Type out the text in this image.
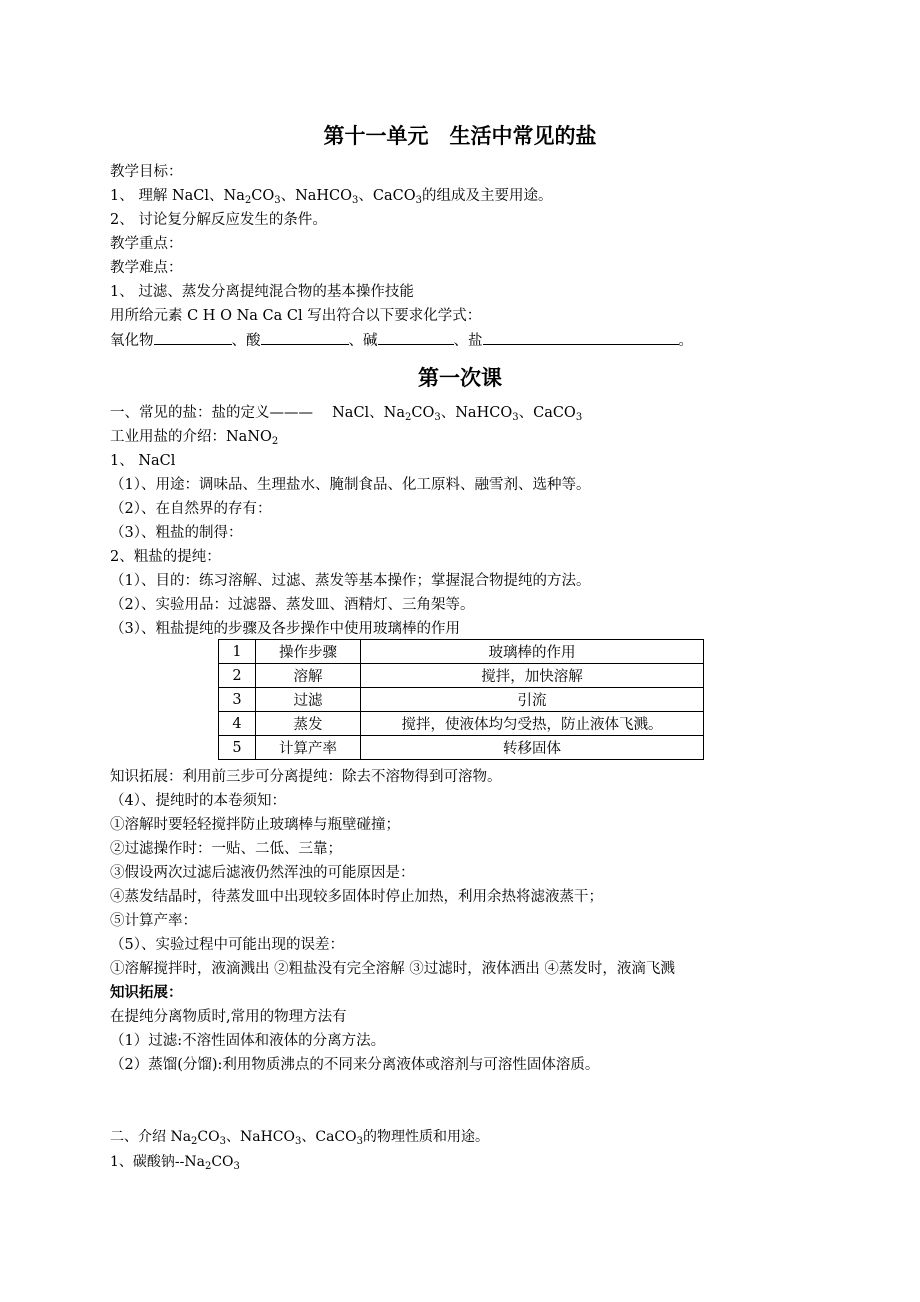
第十一单元　生活中常见的盐
教学目标：
1、 理解 NaCl、$Na_2CO_3$、NaHCO$_3$、CaCO$_3$的组成及主要用途。
2、 讨论复分解反应发生的条件。
教学重点：
教学难点：
1、 过滤、蒸发分离提纯混合物的基本操作技能
用所给元素 C H O Na Ca Cl 写出符合以下要求化学式：
氧化物	、酸	、碱	、盐	。
第一次课
一、常见的盐：盐的定义———　 NaCl、$Na_2CO_3$、NaHCO$_3$、CaCO$_3$
工业用盐的介绍：NaNO$_2$
1、 NaCl
（1）、用途：调味品、生理盐水、腌制食品、化工原料、融雪剂、选种等。
（2）、在自然界的存有：
（3）、粗盐的制得：
2、粗盐的提纯：
（1）、目的：练习溶解、过滤、蒸发等基本操作；掌握混合物提纯的方法。
（2）、实验用品：过滤器、蒸发皿、酒精灯、三角架等。
（3）、粗盐提纯的步骤及各步操作中使用玻璃棒的作用
1	操作步骤	玻璃棒的作用
2	溶解	搅拌，加快溶解
3	过滤	引流
4	蒸发	搅拌，使液体均匀受热，防止液体飞溅。
5	计算产率	转移固体
知识拓展：利用前三步可分离提纯：除去不溶物得到可溶物。
（4）、提纯时的本卷须知：
①溶解时要轻轻搅拌防止玻璃棒与瓶壁碰撞；
②过滤操作时：一贴、二低、三靠；
③假设两次过滤后滤液仍然浑浊的可能原因是：
④蒸发结晶时，待蒸发皿中出现较多固体时停止加热，利用余热将滤液蒸干；
⑤计算产率：
（5）、实验过程中可能出现的误差：
①溶解搅拌时，液滴溅出 ②粗盐没有完全溶解 ③过滤时，液体洒出 ④蒸发时，液滴飞溅
知识拓展：
在提纯分离物质时,常用的物理方法有
（1）过滤:不溶性固体和液体的分离方法。
（2）蒸馏(分馏):利用物质沸点的不同来分离液体或溶剂与可溶性固体溶质。
二、介绍 $Na_2CO_3$、NaHCO$_3$、CaCO$_3$的物理性质和用途。
1、碳酸钠$--Na_2CO_3$
